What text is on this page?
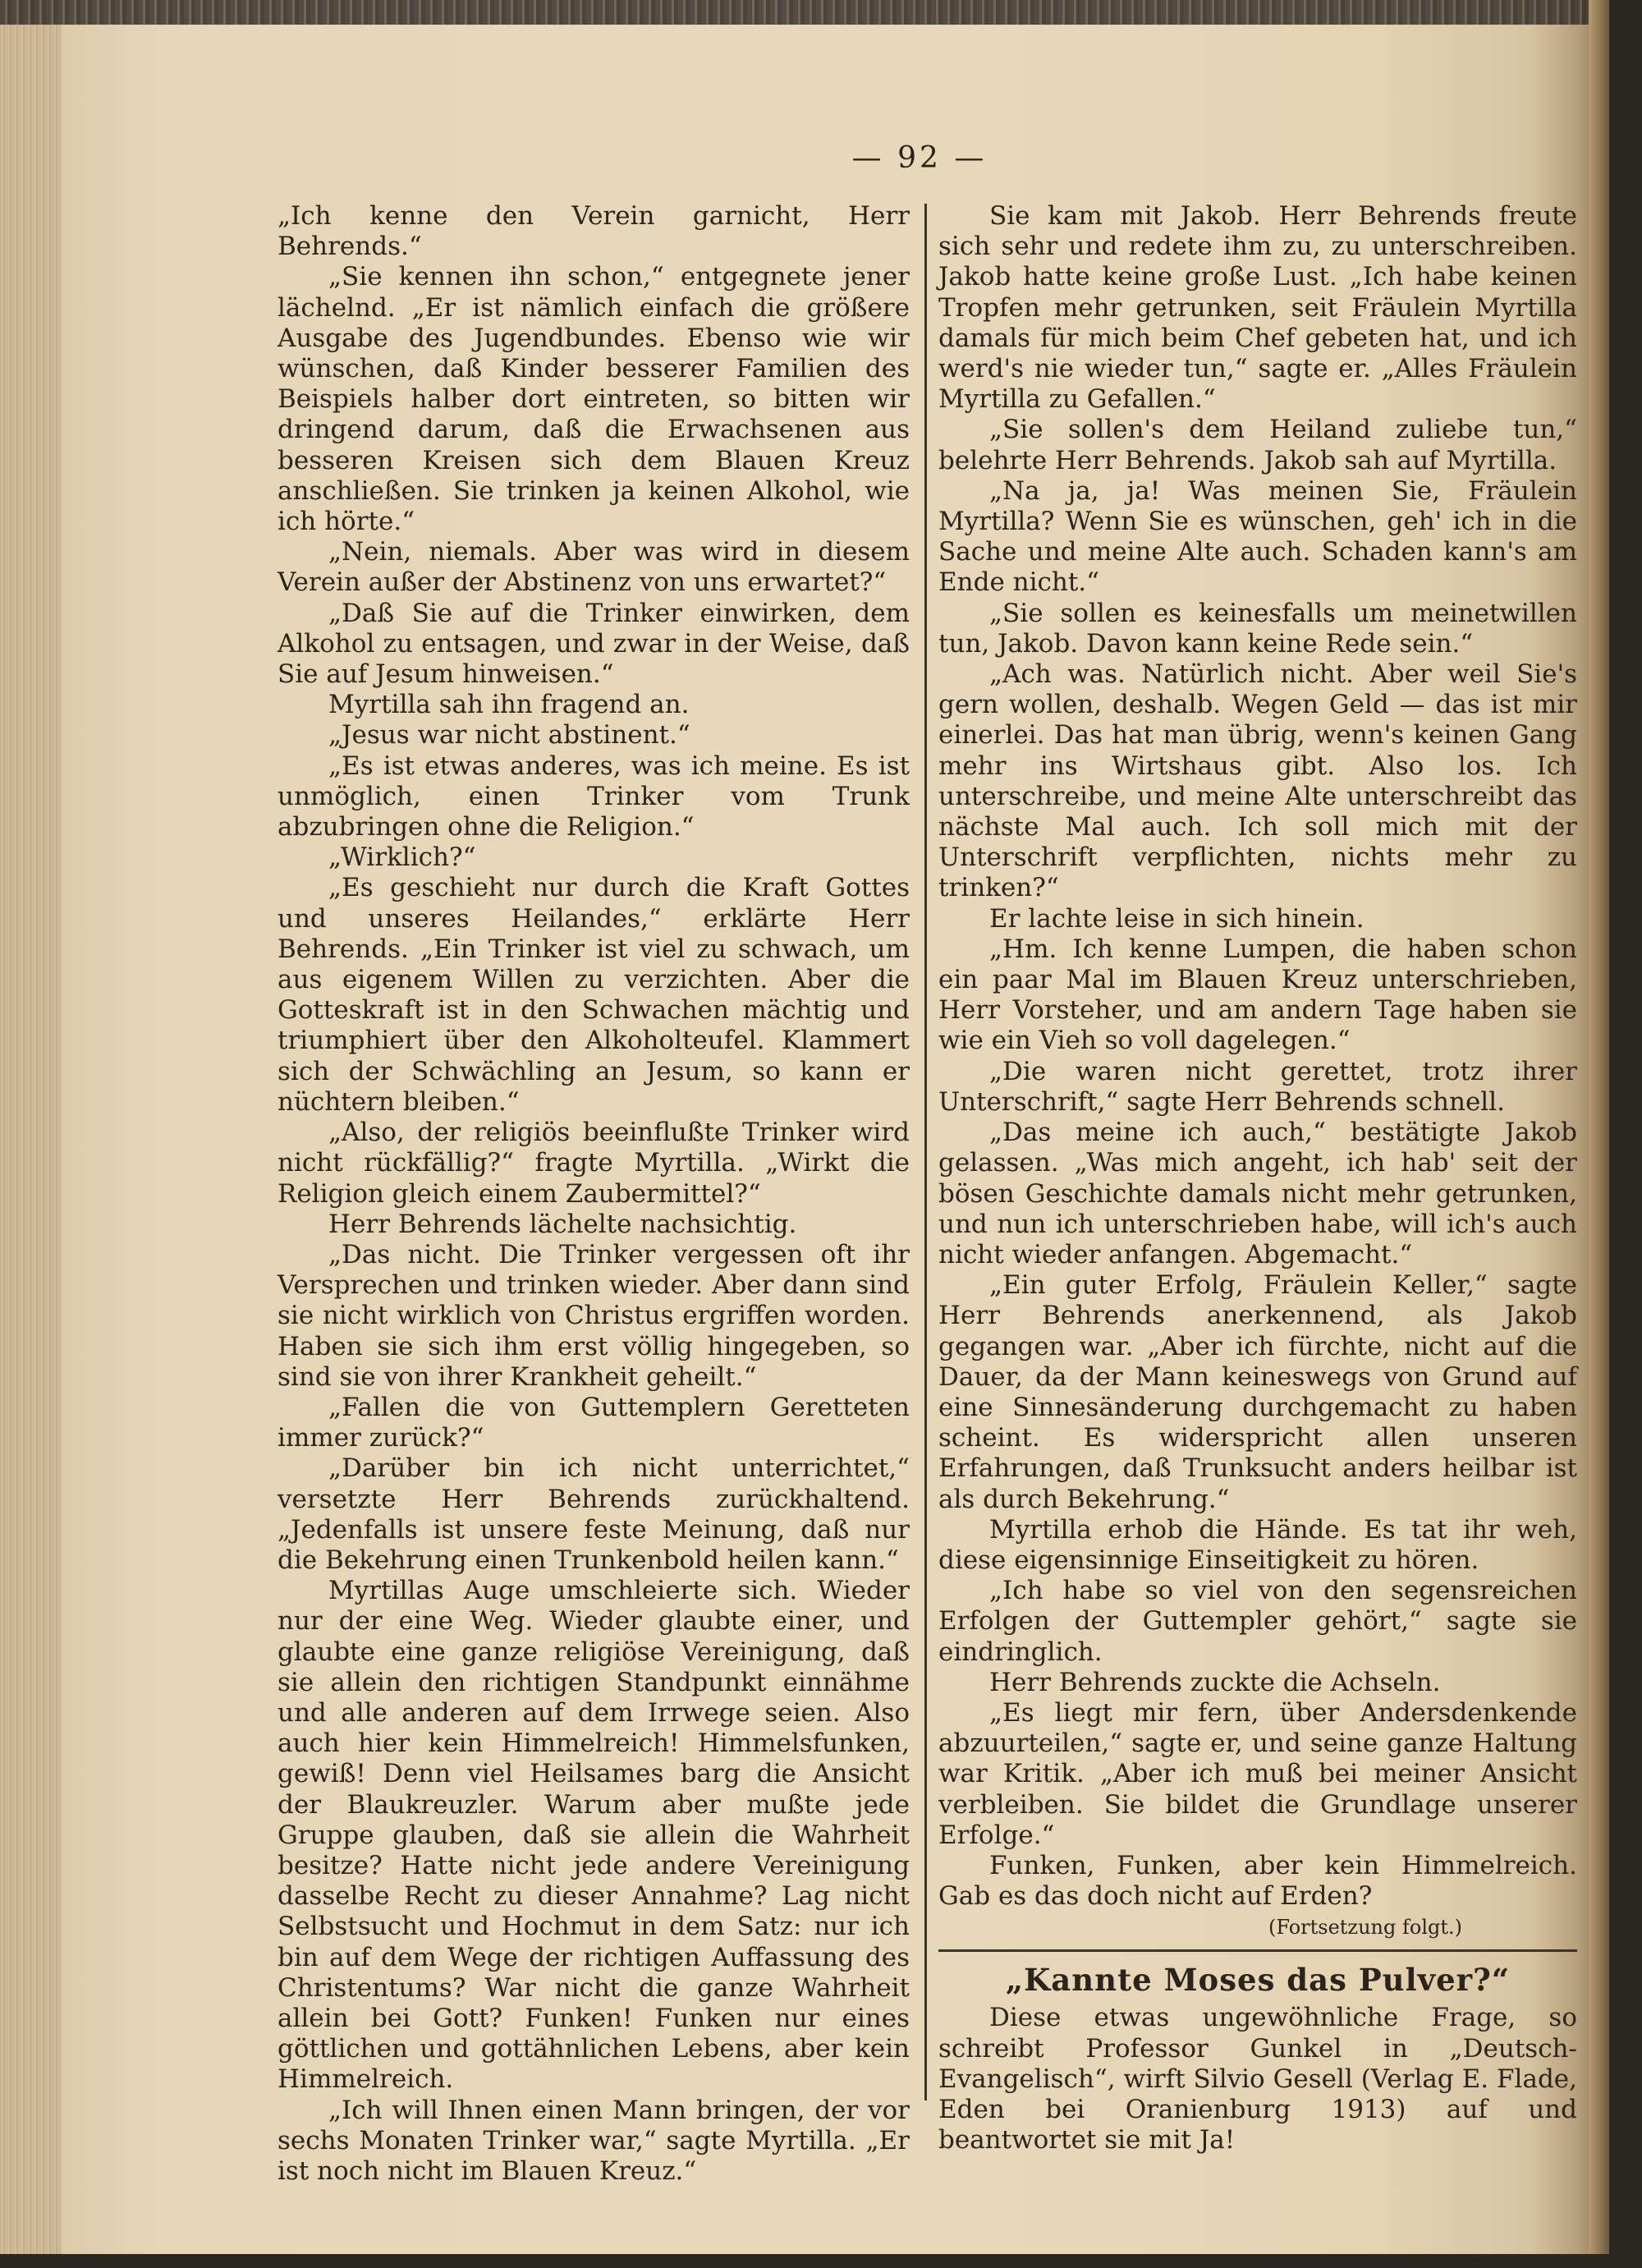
— 92 —

„Ich kenne den Verein garnicht, Herr Behrends.“

„Sie kennen ihn schon,“ entgegnete jener lächelnd. „Er ist nämlich einfach die größere Ausgabe des Jugendbundes. Ebenso wie wir wünschen, daß Kinder besserer Familien des Beispiels halber dort eintreten, so bitten wir dringend darum, daß die Erwachsenen aus besseren Kreisen sich dem Blauen Kreuz anschließen. Sie trinken ja keinen Alkohol, wie ich hörte.“

„Nein, niemals. Aber was wird in diesem Verein außer der Abstinenz von uns erwartet?“

„Daß Sie auf die Trinker einwirken, dem Alkohol zu entsagen, und zwar in der Weise, daß Sie auf Jesum hinweisen.“

Myrtilla sah ihn fragend an.

„Jesus war nicht abstinent.“

„Es ist etwas anderes, was ich meine. Es ist unmöglich, einen Trinker vom Trunk abzubringen ohne die Religion.“

„Wirklich?“

„Es geschieht nur durch die Kraft Gottes und unseres Heilandes,“ erklärte Herr Behrends. „Ein Trinker ist viel zu schwach, um aus eigenem Willen zu verzichten. Aber die Gotteskraft ist in den Schwachen mächtig und triumphiert über den Alkoholteufel. Klammert sich der Schwächling an Jesum, so kann er nüchtern bleiben.“

„Also, der religiös beeinflußte Trinker wird nicht rückfällig?“ fragte Myrtilla. „Wirkt die Religion gleich einem Zaubermittel?“

Herr Behrends lächelte nachsichtig.

„Das nicht. Die Trinker vergessen oft ihr Versprechen und trinken wieder. Aber dann sind sie nicht wirklich von Christus ergriffen worden. Haben sie sich ihm erst völlig hingegeben, so sind sie von ihrer Krankheit geheilt.“

„Fallen die von Guttemplern Geretteten immer zurück?“

„Darüber bin ich nicht unterrichtet,“ versetzte Herr Behrends zurückhaltend. „Jedenfalls ist unsere feste Meinung, daß nur die Bekehrung einen Trunkenbold heilen kann.“

Myrtillas Auge umschleierte sich. Wieder nur der eine Weg. Wieder glaubte einer, und glaubte eine ganze religiöse Vereinigung, daß sie allein den richtigen Standpunkt einnähme und alle anderen auf dem Irrwege seien. Also auch hier kein Himmelreich! Himmelsfunken, gewiß! Denn viel Heilsames barg die Ansicht der Blaukreuzler. Warum aber mußte jede Gruppe glauben, daß sie allein die Wahrheit besitze? Hatte nicht jede andere Vereinigung dasselbe Recht zu dieser Annahme? Lag nicht Selbstsucht und Hochmut in dem Satz: nur ich bin auf dem Wege der richtigen Auffassung des Christentums? War nicht die ganze Wahrheit allein bei Gott? Funken! Funken nur eines göttlichen und gottähnlichen Lebens, aber kein Himmelreich.

„Ich will Ihnen einen Mann bringen, der vor sechs Monaten Trinker war,“ sagte Myrtilla. „Er ist noch nicht im Blauen Kreuz.“

Sie kam mit Jakob. Herr Behrends freute sich sehr und redete ihm zu, zu unterschreiben. Jakob hatte keine große Lust. „Ich habe keinen Tropfen mehr getrunken, seit Fräulein Myrtilla damals für mich beim Chef gebeten hat, und ich werd's nie wieder tun,“ sagte er. „Alles Fräulein Myrtilla zu Gefallen.“

„Sie sollen's dem Heiland zuliebe tun,“ belehrte Herr Behrends. Jakob sah auf Myrtilla.

„Na ja, ja! Was meinen Sie, Fräulein Myrtilla? Wenn Sie es wünschen, geh' ich in die Sache und meine Alte auch. Schaden kann's am Ende nicht.“

„Sie sollen es keinesfalls um meinetwillen tun, Jakob. Davon kann keine Rede sein.“

„Ach was. Natürlich nicht. Aber weil Sie's gern wollen, deshalb. Wegen Geld — das ist mir einerlei. Das hat man übrig, wenn's keinen Gang mehr ins Wirtshaus gibt. Also los. Ich unterschreibe, und meine Alte unterschreibt das nächste Mal auch. Ich soll mich mit der Unterschrift verpflichten, nichts mehr zu trinken?“

Er lachte leise in sich hinein.

„Hm. Ich kenne Lumpen, die haben schon ein paar Mal im Blauen Kreuz unterschrieben, Herr Vorsteher, und am andern Tage haben sie wie ein Vieh so voll dagelegen.“

„Die waren nicht gerettet, trotz ihrer Unterschrift,“ sagte Herr Behrends schnell.

„Das meine ich auch,“ bestätigte Jakob gelassen. „Was mich angeht, ich hab' seit der bösen Geschichte damals nicht mehr getrunken, und nun ich unterschrieben habe, will ich's auch nicht wieder anfangen. Abgemacht.“

„Ein guter Erfolg, Fräulein Keller,“ sagte Herr Behrends anerkennend, als Jakob gegangen war. „Aber ich fürchte, nicht auf die Dauer, da der Mann keineswegs von Grund auf eine Sinnesänderung durchgemacht zu haben scheint. Es widerspricht allen unseren Erfahrungen, daß Trunksucht anders heilbar ist als durch Bekehrung.“

Myrtilla erhob die Hände. Es tat ihr weh, diese eigensinnige Einseitigkeit zu hören.

„Ich habe so viel von den segensreichen Erfolgen der Guttempler gehört,“ sagte sie eindringlich.

Herr Behrends zuckte die Achseln.

„Es liegt mir fern, über Andersdenkende abzuurteilen,“ sagte er, und seine ganze Haltung war Kritik. „Aber ich muß bei meiner Ansicht verbleiben. Sie bildet die Grundlage unserer Erfolge.“

Funken, Funken, aber kein Himmelreich. Gab es das doch nicht auf Erden?

(Fortsetzung folgt.)

„Kannte Moses das Pulver?“

Diese etwas ungewöhnliche Frage, so schreibt Professor Gunkel in „Deutsch-Evangelisch“, wirft Silvio Gesell (Verlag E. Flade, Eden bei Oranienburg 1913) auf und beantwortet sie mit Ja!
